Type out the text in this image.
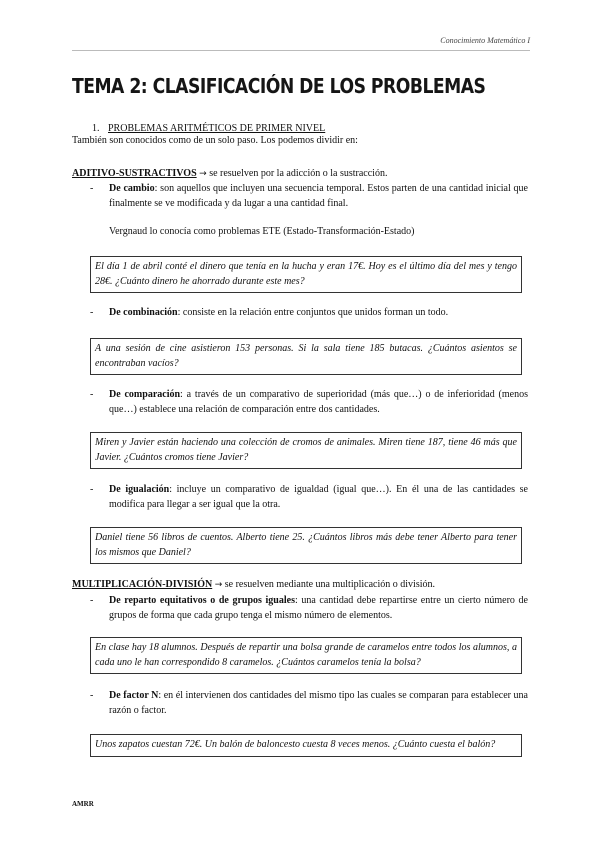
Conocimiento Matemático I
TEMA 2: CLASIFICACIÓN DE LOS PROBLEMAS
1. PROBLEMAS ARITMÉTICOS DE PRIMER NIVEL
También son conocidos como de un solo paso. Los podemos dividir en:
ADITIVO-SUSTRACTIVOS → se resuelven por la adicción o la sustracción.
- De cambio: son aquellos que incluyen una secuencia temporal. Estos parten de una cantidad inicial que finalmente se ve modificada y da lugar a una cantidad final.
Vergnaud lo conocía como problemas ETE (Estado-Transformación-Estado)
El día 1 de abril conté el dinero que tenía en la hucha y eran 17€. Hoy es el último día del mes y tengo 28€. ¿Cuánto dinero he ahorrado durante este mes?
- De combinación: consiste en la relación entre conjuntos que unidos forman un todo.
A una sesión de cine asistieron 153 personas. Si la sala tiene 185 butacas. ¿Cuántos asientos se encontraban vacíos?
- De comparación: a través de un comparativo de superioridad (más que…) o de inferioridad (menos que…) establece una relación de comparación entre dos cantidades.
Miren y Javier están haciendo una colección de cromos de animales. Miren tiene 187, tiene 46 más que Javier. ¿Cuántos cromos tiene Javier?
- De igualación: incluye un comparativo de igualdad (igual que…). En él una de las cantidades se modifica para llegar a ser igual que la otra.
Daniel tiene 56 libros de cuentos. Alberto tiene 25. ¿Cuántos libros más debe tener Alberto para tener los mismos que Daniel?
MULTIPLICACIÓN-DIVISIÓN → se resuelven mediante una multiplicación o división.
- De reparto equitativos o de grupos iguales: una cantidad debe repartirse entre un cierto número de grupos de forma que cada grupo tenga el mismo número de elementos.
En clase hay 18 alumnos. Después de repartir una bolsa grande de caramelos entre todos los alumnos, a cada uno le han correspondido 8 caramelos. ¿Cuántos caramelos tenía la bolsa?
- De factor N: en él intervienen dos cantidades del mismo tipo las cuales se comparan para establecer una razón o factor.
Unos zapatos cuestan 72€. Un balón de baloncesto cuesta 8 veces menos. ¿Cuánto cuesta el balón?
AMRR
